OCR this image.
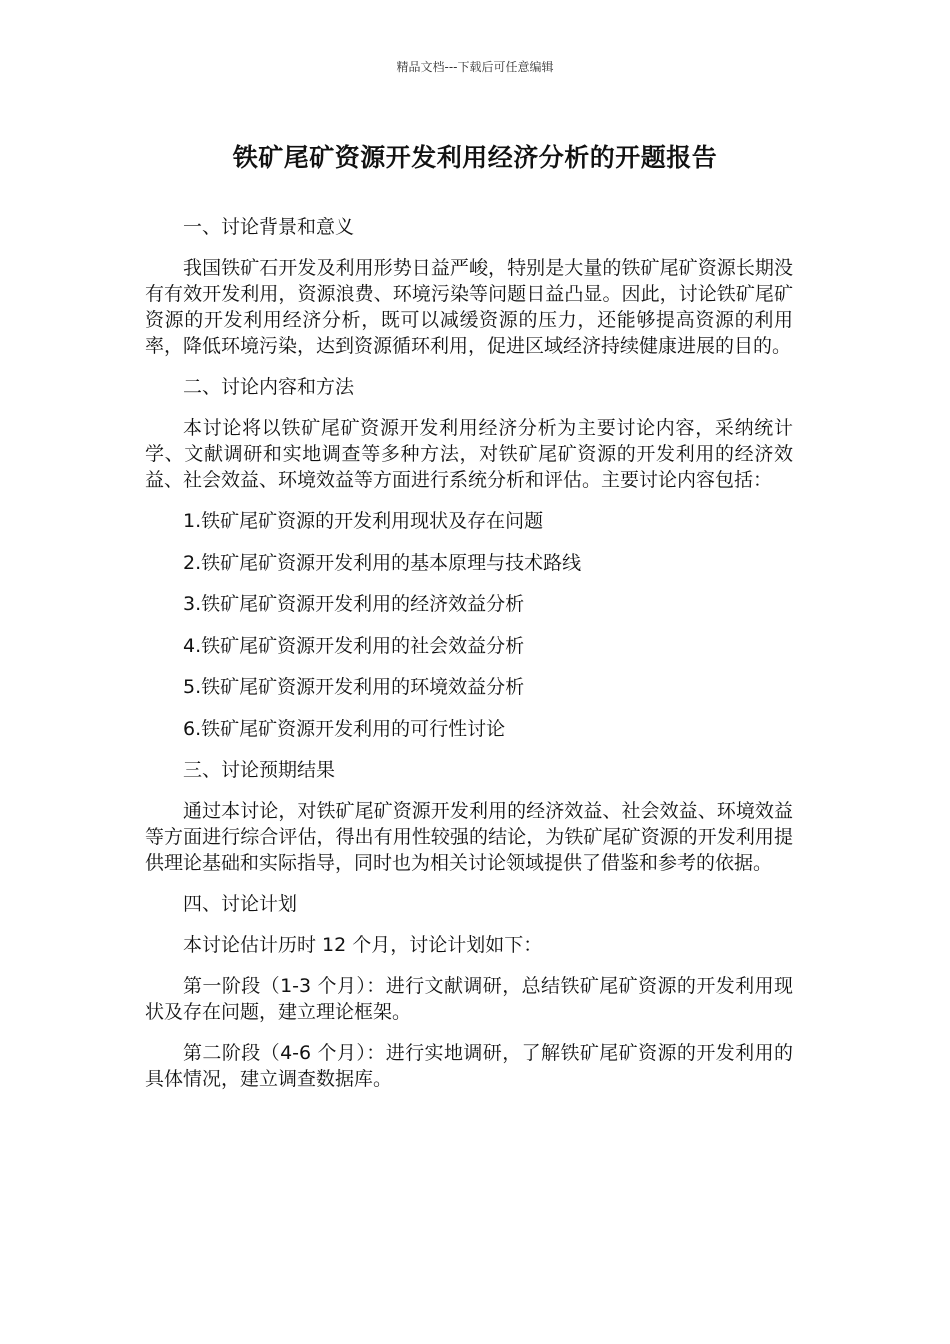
精品文档---下载后可任意编辑
铁矿尾矿资源开发利用经济分析的开题报告

一、讨论背景和意义

我国铁矿石开发及利用形势日益严峻，特别是大量的铁矿尾矿资源长期没有有效开发利用，资源浪费、环境污染等问题日益凸显。因此，讨论铁矿尾矿资源的开发利用经济分析，既可以减缓资源的压力，还能够提高资源的利用率，降低环境污染，达到资源循环利用，促进区域经济持续健康进展的目的。

二、讨论内容和方法

本讨论将以铁矿尾矿资源开发利用经济分析为主要讨论内容，采纳统计学、文献调研和实地调查等多种方法，对铁矿尾矿资源的开发利用的经济效益、社会效益、环境效益等方面进行系统分析和评估。主要讨论内容包括：

1.铁矿尾矿资源的开发利用现状及存在问题

2.铁矿尾矿资源开发利用的基本原理与技术路线

3.铁矿尾矿资源开发利用的经济效益分析

4.铁矿尾矿资源开发利用的社会效益分析

5.铁矿尾矿资源开发利用的环境效益分析

6.铁矿尾矿资源开发利用的可行性讨论

三、讨论预期结果

通过本讨论，对铁矿尾矿资源开发利用的经济效益、社会效益、环境效益等方面进行综合评估，得出有用性较强的结论，为铁矿尾矿资源的开发利用提供理论基础和实际指导，同时也为相关讨论领域提供了借鉴和参考的依据。

四、讨论计划

本讨论估计历时 12 个月，讨论计划如下：

第一阶段（1-3 个月）：进行文献调研，总结铁矿尾矿资源的开发利用现状及存在问题，建立理论框架。

第二阶段（4-6 个月）：进行实地调研，了解铁矿尾矿资源的开发利用的具体情况，建立调查数据库。
